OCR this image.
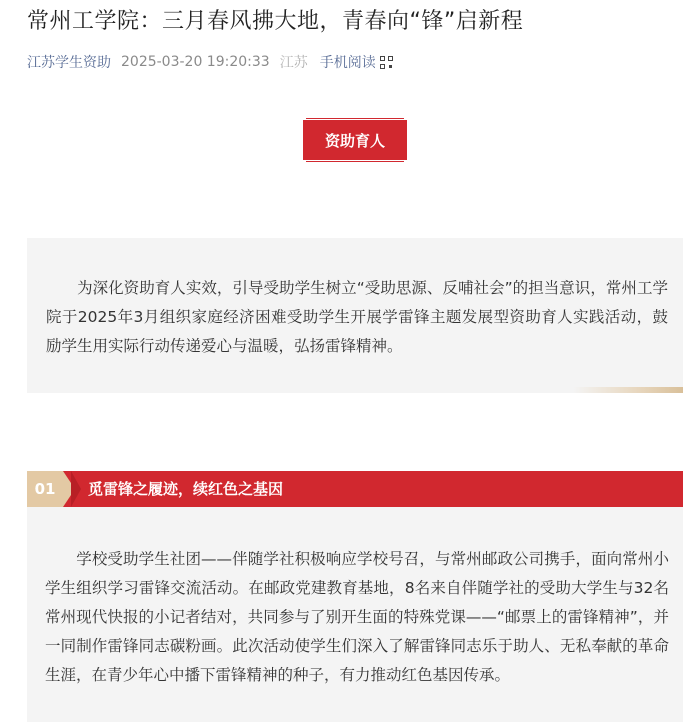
常州工学院：三月春风拂大地，青春向“锋”启新程
江苏学生资助 2025-03-20 19:20:33 江苏 手机阅读
资助育人
　　为深化资助育人实效，引导受助学生树立“受助思源、反哺社会”的担当意识，常州工学院于2025年3月组织家庭经济困难受助学生开展学雷锋主题发展型资助育人实践活动，鼓励学生用实际行动传递爱心与温暖，弘扬雷锋精神。
01	觅雷锋之履迹，续红色之基因
　　学校受助学生社团——伴随学社积极响应学校号召，与常州邮政公司携手，面向常州小学生组织学习雷锋交流活动。在邮政党建教育基地，8名来自伴随学社的受助大学生与32名常州现代快报的小记者结对，共同参与了别开生面的特殊党课——“邮票上的雷锋精神”，并一同制作雷锋同志碳粉画。此次活动使学生们深入了解雷锋同志乐于助人、无私奉献的革命生涯，在青少年心中播下雷锋精神的种子，有力推动红色基因传承。
